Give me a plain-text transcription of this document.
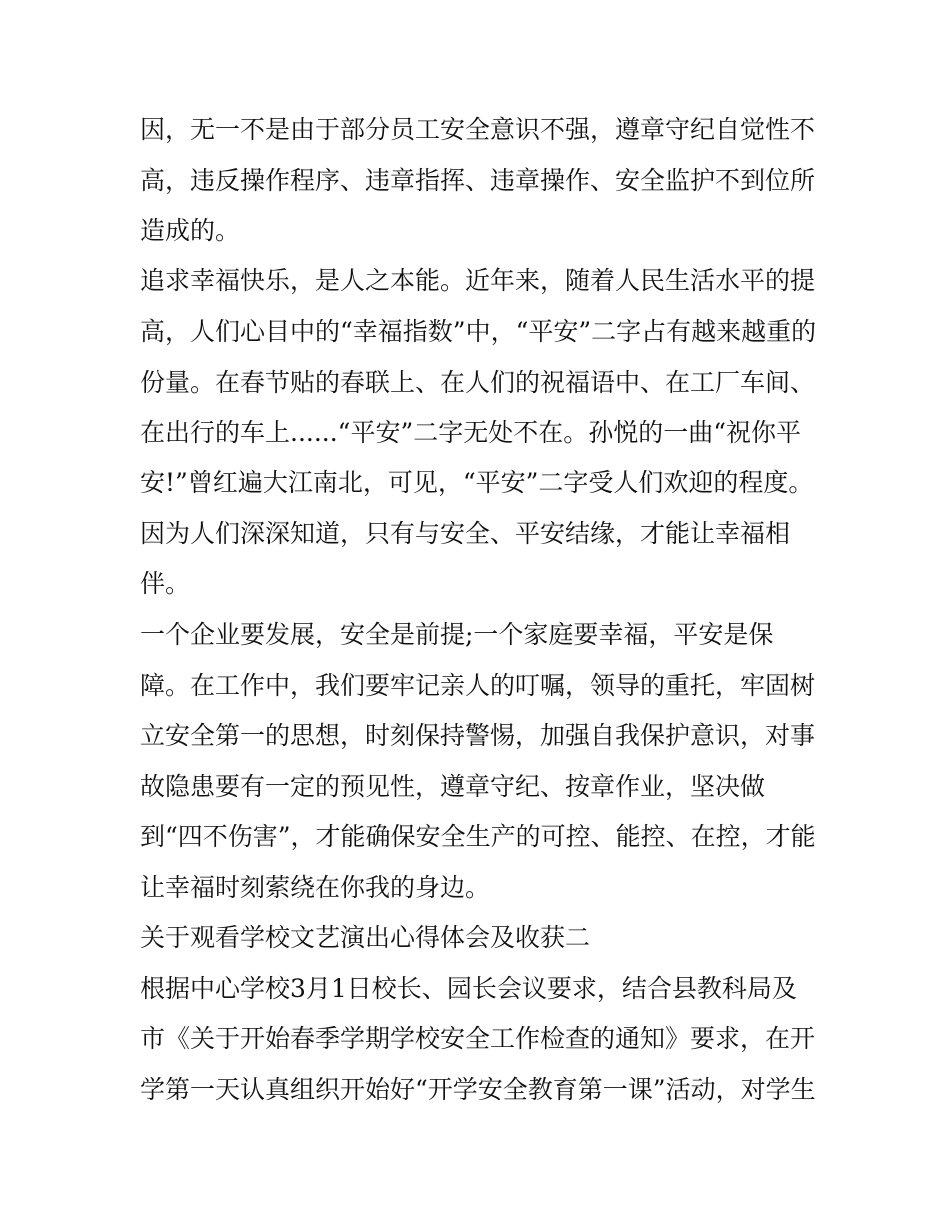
因，无一不是由于部分员工安全意识不强，遵章守纪自觉性不
高，违反操作程序、违章指挥、违章操作、安全监护不到位所
造成的。
追求幸福快乐，是人之本能。近年来，随着人民生活水平的提
高，人们心目中的“幸福指数”中，“平安”二字占有越来越重的
份量。在春节贴的春联上、在人们的祝福语中、在工厂车间、
在出行的车上......“平安”二字无处不在。孙悦的一曲“祝你平
安!”曾红遍大江南北，可见，“平安”二字受人们欢迎的程度。
因为人们深深知道，只有与安全、平安结缘，才能让幸福相
伴。
一个企业要发展，安全是前提;一个家庭要幸福，平安是保
障。在工作中，我们要牢记亲人的叮嘱，领导的重托，牢固树
立安全第一的思想，时刻保持警惕，加强自我保护意识，对事
故隐患要有一定的预见性，遵章守纪、按章作业，坚决做
到“四不伤害”，才能确保安全生产的可控、能控、在控，才能
让幸福时刻萦绕在你我的身边。
关于观看学校文艺演出心得体会及收获二
根据中心学校3月1日校长、园长会议要求，结合县教科局及
市《关于开始春季学期学校安全工作检查的通知》要求，在开
学第一天认真组织开始好“开学安全教育第一课”活动，对学生
